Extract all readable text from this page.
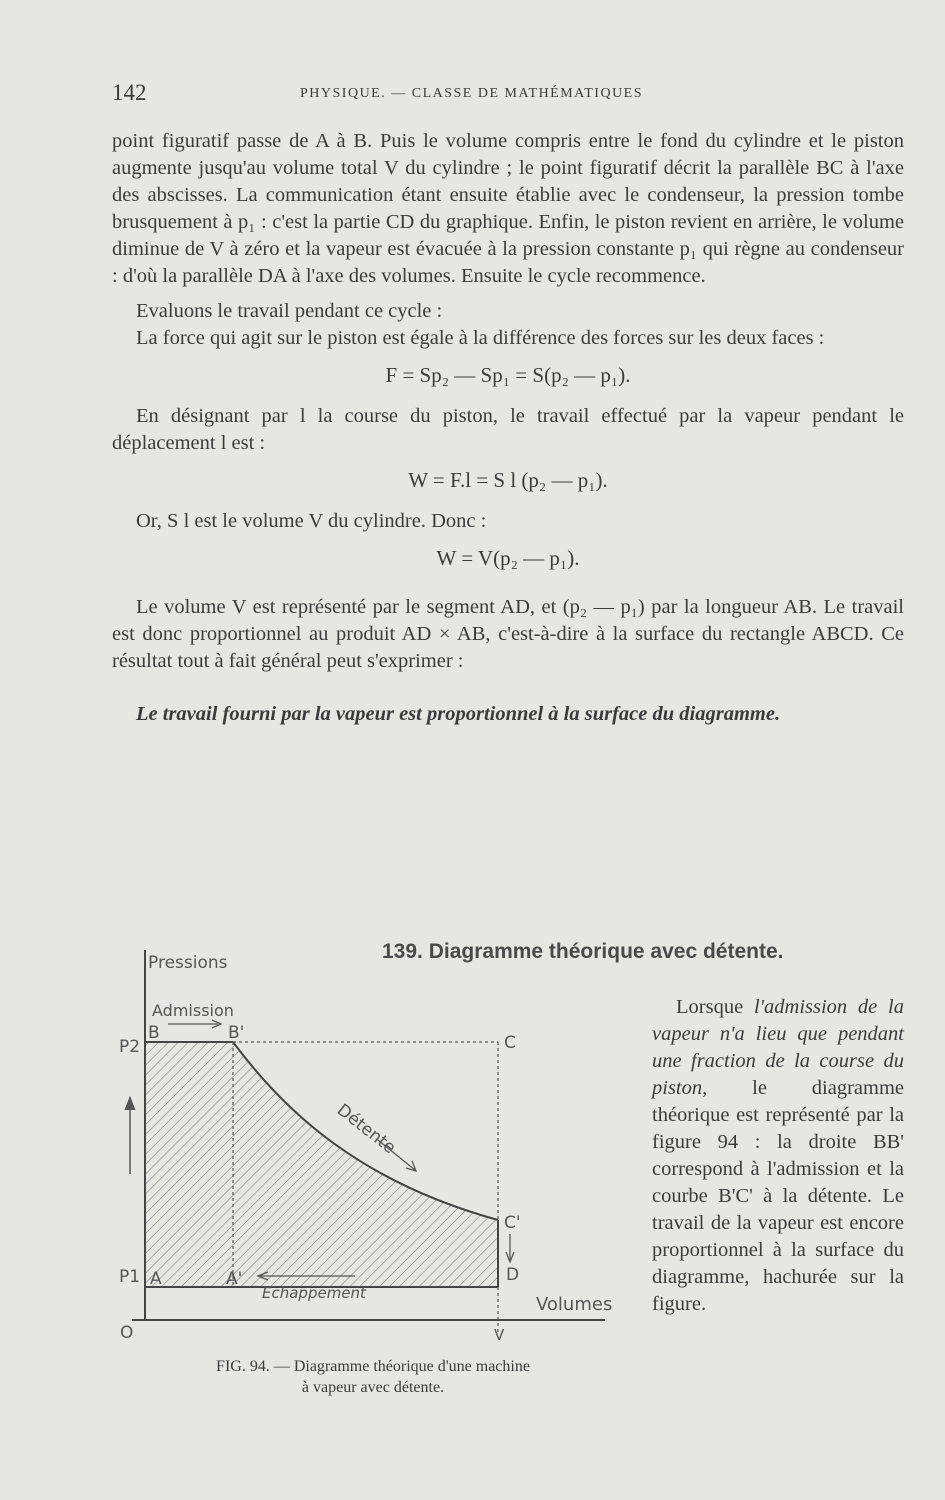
142	PHYSIQUE. — CLASSE DE MATHÉMATIQUES

point figuratif passe de A à B. Puis le volume compris entre le fond du cylindre et le piston augmente jusqu'au volume total V du cylindre ; le point figuratif décrit la parallèle BC à l'axe des abscisses. La communication étant ensuite établie avec le condenseur, la pression tombe brusquement à p₁ : c'est la partie CD du graphique. Enfin, le piston revient en arrière, le volume diminue de V à zéro et la vapeur est évacuée à la pression constante p₁ qui règne au condenseur : d'où la parallèle DA à l'axe des volumes. Ensuite le cycle recommence.

Evaluons le travail pendant ce cycle :

La force qui agit sur le piston est égale à la différence des forces sur les deux faces :

F = Sp₂ — Sp₁ = S(p₂ — p₁).

En désignant par l la course du piston, le travail effectué par la vapeur pendant le déplacement l est :

W = F.l = S l (p₂ — p₁).

Or, S l est le volume V du cylindre. Donc :

W = V(p₂ — p₁).

Le volume V est représenté par le segment AD, et (p₂ — p₁) par la longueur AB. Le travail est donc proportionnel au produit AD × AB, c'est-à-dire à la surface du rectangle ABCD. Ce résultat tout à fait général peut s'exprimer :

Le travail fourni par la vapeur est proportionnel à la surface du diagramme.

139. Diagramme théorique avec détente.

Lorsque l'admission de la vapeur n'a lieu que pendant une fraction de la course du piston, le diagramme théorique est représenté par la figure 94 : la droite BB' correspond à l'admission et la courbe B'C' à la détente. Le travail de la vapeur est encore proportionnel à la surface du diagramme, hachurée sur la figure.

Pressions
Admission
B	B'	C
C'
D
A	A'
P2
P1
O	V
Volumes
Détente
Echappement
FIG. 94. — Diagramme théorique d'une machine
à vapeur avec détente.
